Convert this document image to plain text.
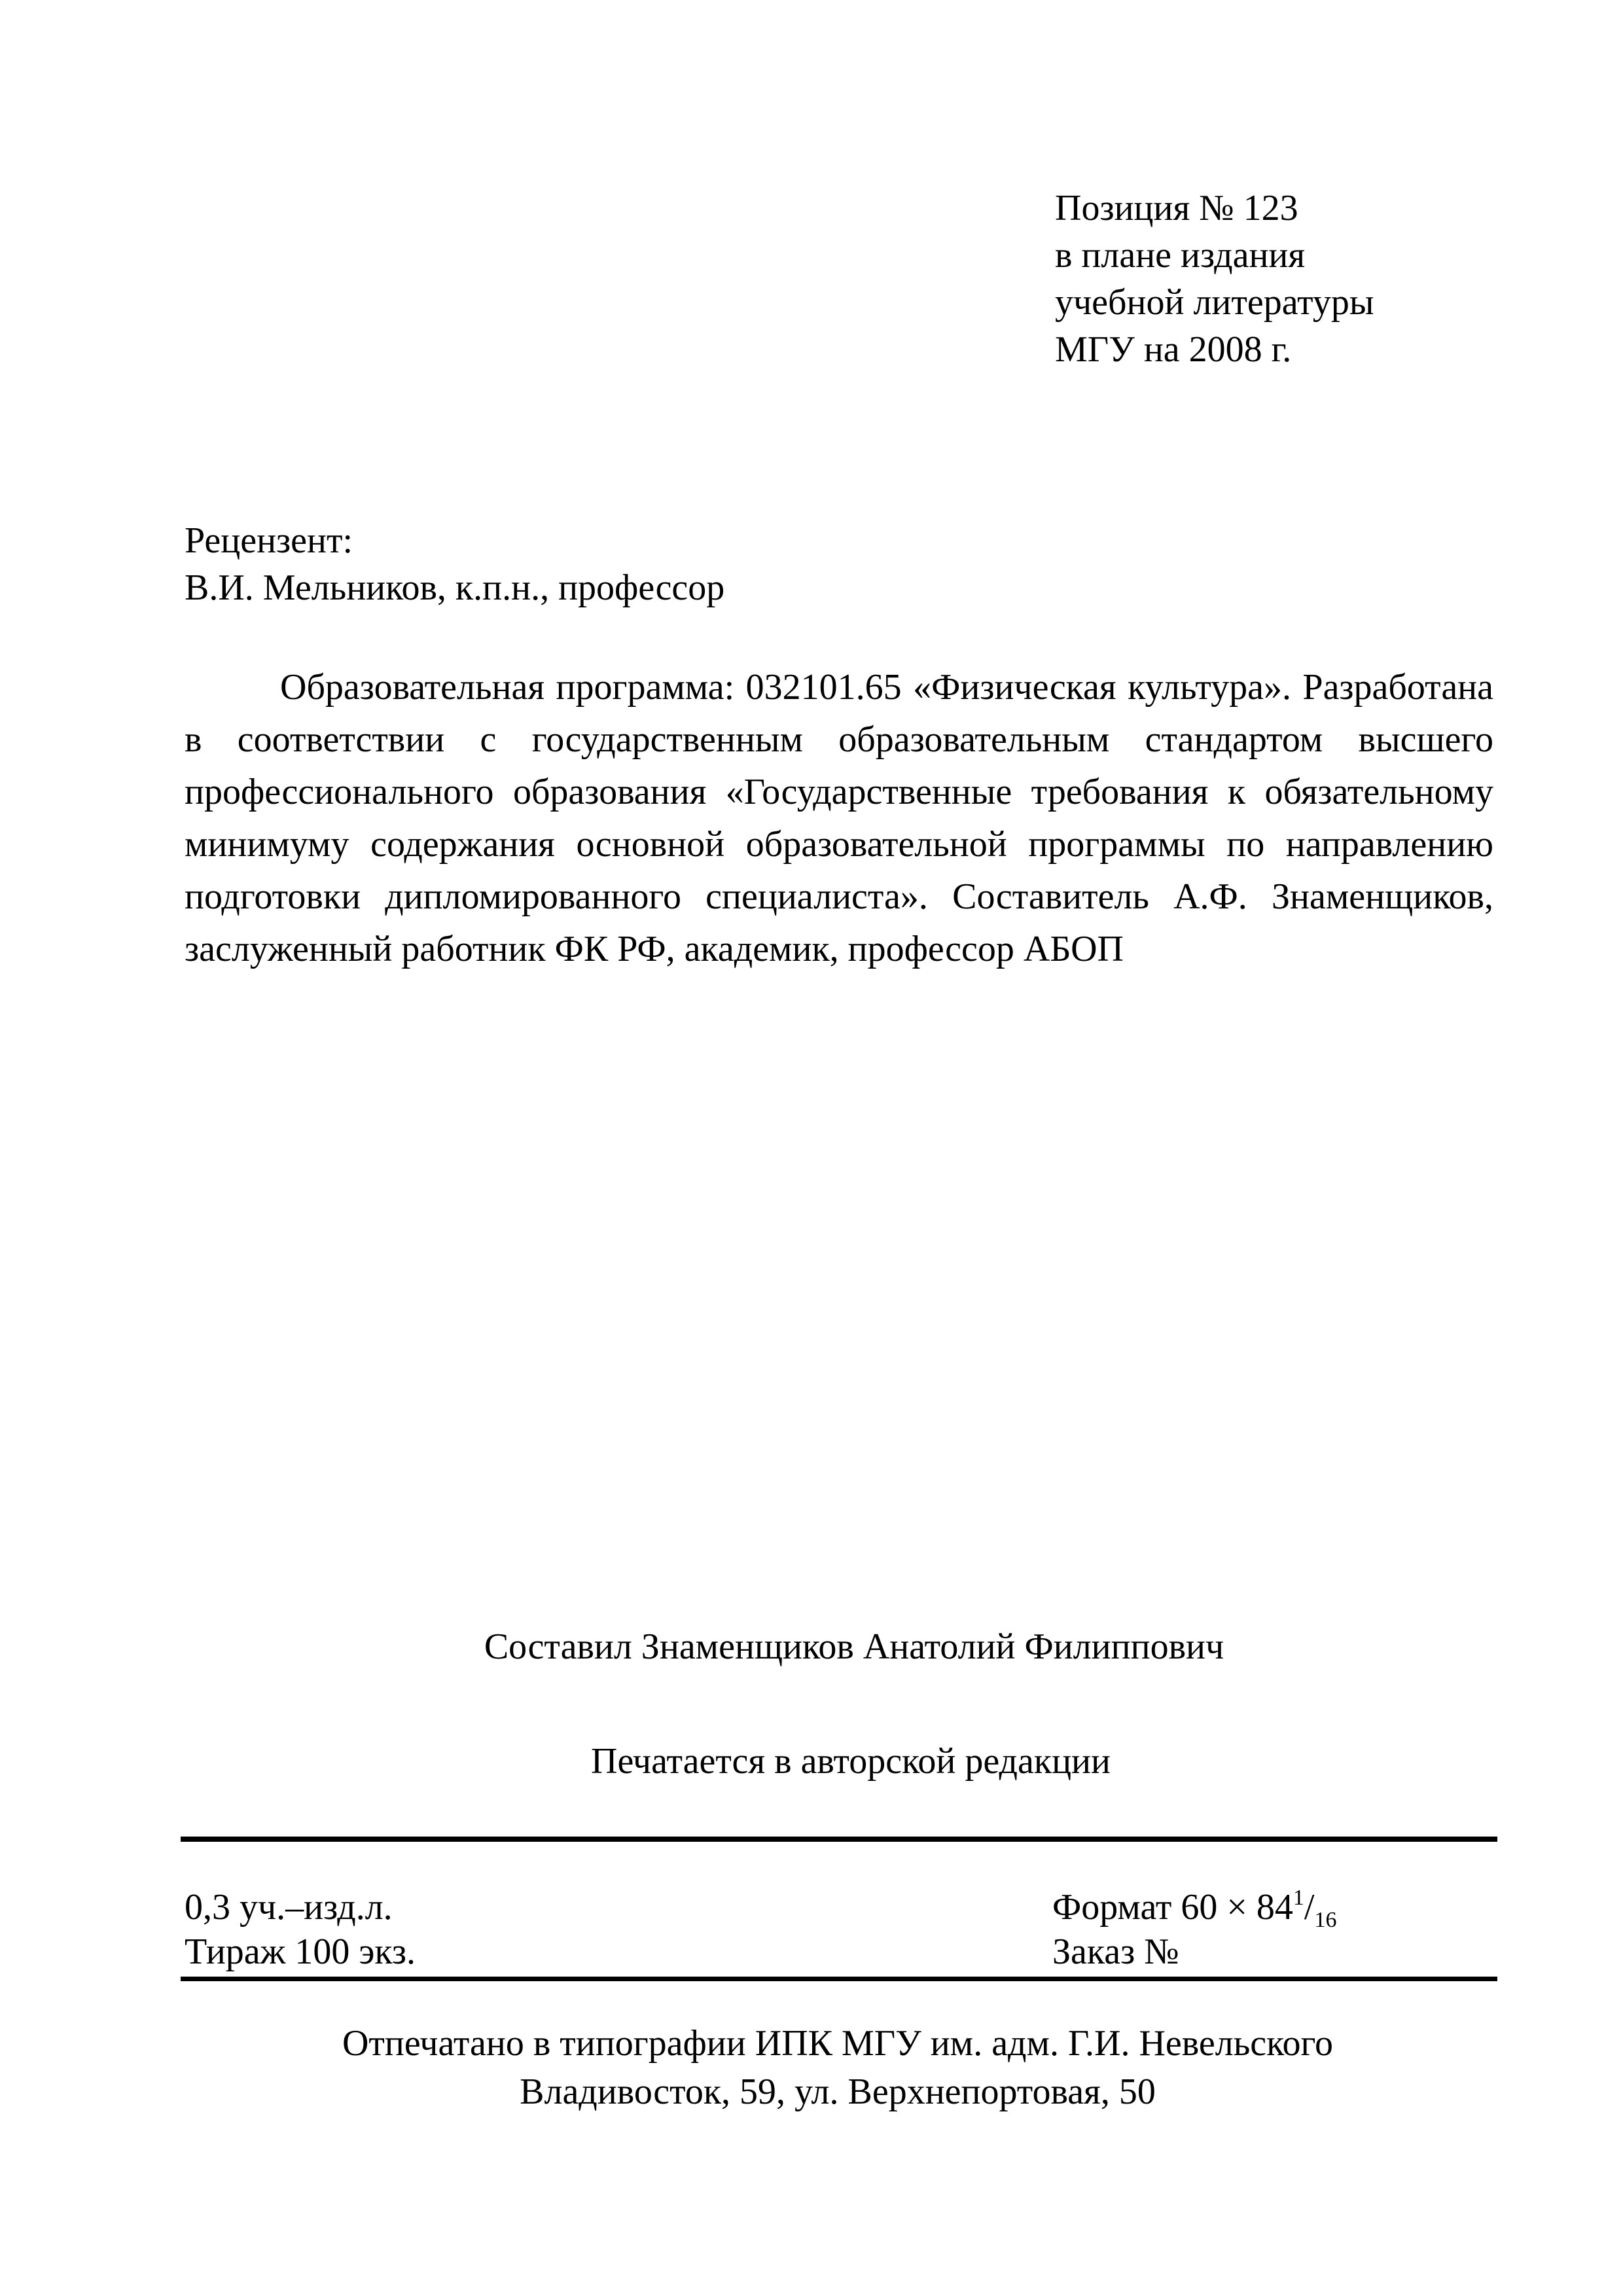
Позиция № 123
в плане издания
учебной литературы
МГУ на 2008 г.
Рецензент:
В.И. Мельников, к.п.н., профессор

Образовательная программа: 032101.65 «Физическая культура». Разработана в соответствии с государственным образовательным стандартом высшего профессионального образования «Государственные требования к обязательному минимуму содержания основной образовательной программы по направлению подготовки дипломированного специалиста». Составитель А.Ф. Знаменщиков, заслуженный работник ФК РФ, академик, профессор АБОП

Составил Знаменщиков Анатолий Филиппович
Печатается в авторской редакции
0,3 уч.–изд.л.
Тираж 100 экз.
Формат $60 \times 84^1/_{16}$
Заказ №
Отпечатано в типографии ИПК МГУ им. адм. Г.И. Невельского
Владивосток, 59, ул. Верхнепортовая, 50
